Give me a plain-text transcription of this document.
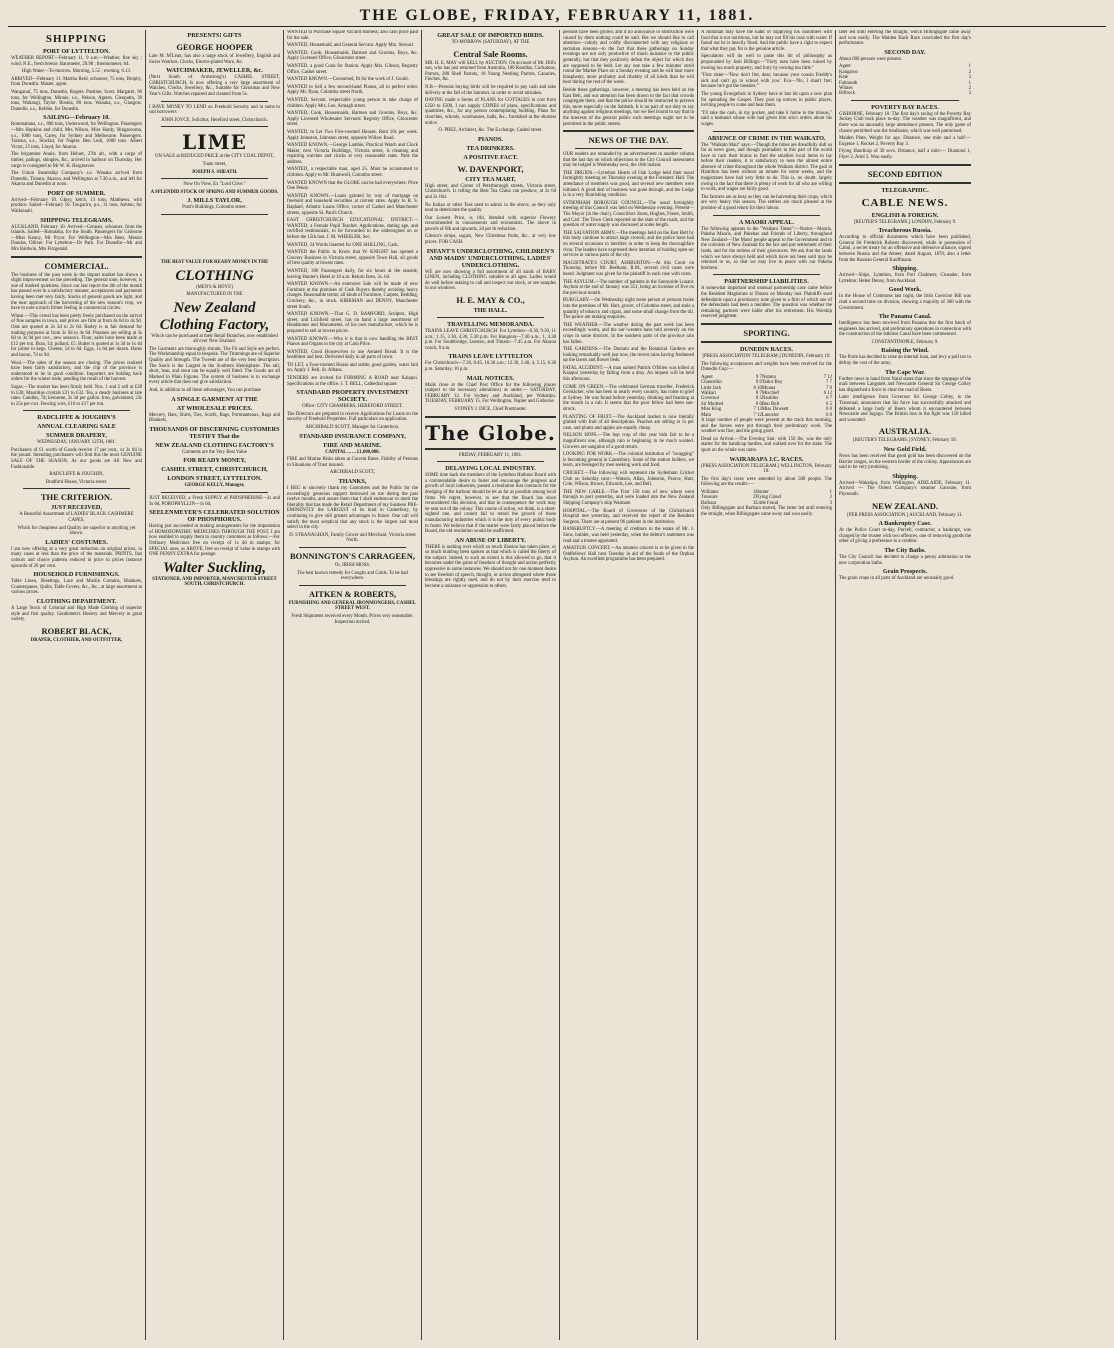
THE GLOBE, FRIDAY, FEBRUARY 11, 1881.
SHIPPING
PORT OF LYTTELTON.

WEATHER REPORT—February 11. 9 a.m.—Weather, fine sky ; wind, N.E., fresh breeze. Barometer, 29.98 ; thermometer, 64.

High Water—To-morrow. Morning, 5.55 ; evening, 6.13.

ARRIVED—February 11. Martha Reid, schooner, 75 tons, Brophy, from Dunedin. Master, agent.

Wanganui, 75 tons, Dunedin, Rogers. Pastime, Scott. Margaret, 96 tons, for Wellington. Minnie, s.s., Nelson. Agents. Cleopatra, 39 tons, Waitangi, Taylor. Rosina, 80 tons. Wanaka, s.s., Glasgow. Dunedin, s.s., Kebbie, for Dunedin.

SAILING—February 10.

Rotomahana, s.s., 800 tons, Underwood, for Wellington. Passengers—Mrs Hopkins and child, Mrs Wilson, Miss Hardy. Ringarooma, s.s., 1000 tons, Carey, for Sydney and Melbourne. Passengers. Tararua, s.s., Sinclair, for Napier. Ben Ledi, 1000 tons. Albert Victor, 25 tons, Lloyd, for Akaroa.

The brigantine Annie, from Hobart, 27th ult., with a cargo of timber, palings, shingles, &c., arrived in harbour on Thursday. Her cargo is consigned to Mr W. H. Hargreaves.

The Union Steamship Company's s.s. Wanaka arrived from Dunedin, Timaru, Akaroa, and Wellington at 7.30 a.m., and left for Akaroa and Dunedin at noon.

PORT OF SUMMER.

Arrived—February 10. Glpsy, ketch, 13 tons, Matthews, with produce. Sailed—February 10. Tongarirn, p.s., 31 tons, Ashton, for Waikouaiti.

SHIPPING TELEGRAMS.

AUCKLAND, February 10. Arrived—Cerasus, schooner, from the Islands. Sailed—Rimutaka, for the South. Passengers for Gisborne—Miss Kenny, Mr Pryor. For Wellington—Mrs Rees, Messrs Dundas, Olliver. For Lyttelton—Dr Park. For Dunedin—Mr and Mrs Baldwin, Mrs Fitzgerald.

COMMERCIAL.

The business of the past week in the import market has shown a slight improvement on the preceding. The general tone, however, is one of marked quietness. Since our last report the 4th of the month has passed over in a satisfactory manner, acceptances and payments having been met very fairly. Stocks of general goods are light, and the near approach of the harvesting of the new season's crop, we have to note a much firmer feeling in commercial circles.

Wheat.—This cereal has been pretty freely purchased on the arrival of fine samples in town, and prices are firm at from 4s 6d to 4s 9d. Oats are quoted at 2s 3d to 2s 6d. Barley is in fair demand for malting purposes at from 3s 9d to 4s 6d. Potatoes are selling at 3s 6d to 3s 9d per cwt., new season's. Flour, sales have been made at £12 per ton. Bran, £4; pollard, £5. Butter is quoted at 1s 3d to 1s 4d for prime in kegs. Cheese, 5d to 6d. Eggs, 1s 6d per dozen. Hams and bacon, 7d to 9d.

Wool.—The sales of the season are closing. The prices realised have been fairly satisfactory, and the clip of the province is understood to be in good condition. Importers are holding back orders for the winter trade, pending the result of the harvest.

Sugar.—The market has been firmly held. Nos. 1 and 2 sell at £28 to £30; Mauritius crystals £31 to £32. Tea, a steady business at late rates. Candles, 7d; kerosene, 2s 3d per gallon. Iron, galvanised, 23s to 25s per cwt. Fencing wire, £16 to £17 per ton.

RADCLIFFE & JOUGHIN'S
ANNUAL CLEARING SALE
SUMMER DRAPERY,

WEDNESDAY, JANUARY 12TH, 1881.

Purchasers of £1 worth of Goods receive 17 per cent., or 3s 6d in the pound. Intending purchasers will find this the most GENUINE SALE OF THE SEASON, As our goods are All New and Fashionable.

RADCLIFFE & JOUGHIN,

Bradford House, Victoria street.

THE CRITERION.
JUST RECEIVED,

A Beautiful Assortment of LADIES' BLACK CASHMERE CAPES,

Which for cheapness and Quality are superior to anything yet shown.

LADIES' COSTUMES.

I am now offering at a very great reduction on original prices, in many cases at less than the price of the materials. PRINTS, fast colours and choice patterns reduced in price to prices instance upwards of 20 per cent.

HOUSEHOLD FURNISHINGS.

Table Linen, Sheetings, Lace and Muslin Curtains, Blankets, Counterpanes, Quilts, Table Covers, &c., &c., at large assortment at various prices.

CLOTHING DEPARTMENT.

A Large Stock of Colonial and High Made Clothing of superior style and first quality. Gentlemen's Hosiery and Mercery in great variety.

ROBERT BLACK,

DRAPER, CLOTHIER, AND OUTFITTER,

PRESENTS! GIFTS
GEORGE HOOPER

Late M. M'Lean; has also a large stock of Jewellery, English and Swiss Watches, Clocks, Electro-plated Ware, &c.

WATCHMAKER, JEWELLER, &c.

(Next South of Armstrong's) CASHEL STREET, CHRISTCHURCH, Is now offering a very large assortment of Watches, Clocks, Jewellery, &c., Suitable for Christmas and New Year's Gifts. Watches repaired and cleaned from 5s.

I HAVE MONEY TO LEND on Freehold Security and in sums to suit borrowers

JOHN JOYCE, Solicitor, Hereford street, Christchurch.

LIME

ON SALE at REDUCED PRICE at the CITY COAL DEPOT,

Tuam street,

JOSEPH S. SHEATH.

Now On View, Ex "Lord Clive."

A SPLENDID STOCK OF SPRING AND SUMMER GOODS.

J. MILLS TAYLOR,

Pratt's Buildings, Colombo street.

THE BEST VALUE FOR READY MONEY IN THE

CLOTHING

(MEN'S & BOYS')

MANUFACTURED IN THE

New Zealand Clothing Factory,

Which can be purchased at their Retail Branches, now established all over New Zealand.

The Garments are thoroughly shrunk. The Fit and Style are perfect. The Workmanship equal to bespoke. The Trimmings are of Superior Quality and Strength. The Tweeds are of the very best description. The Stock is the Largest in the Southern Hemisphere. The tall, short, lean, and stout can be equally well fitted. The Goods are all Marked in Plain Figures. The system of business is to exchange every article that does not give satisfaction.

And, in addition to all these advantages, You can purchase

A SINGLE GARMENT AT THE
AT WHOLESALE PRICES.

Mercery, Hats, Shirts, Ties, Scarfs, Bags, Portmanteaux, Rugs and Blankets,

THOUSANDS OF DISCERNING CUSTOMERS TESTIFY That the
NEW ZEALAND CLOTHING FACTORY'S

Garments are the Very Best Value

FOR READY MONEY,
CASHEL STREET, CHRISTCHURCH,
LONDON STREET, LYTTELTON.

GEORGE KELLY, Manager,

JUST RECEIVED, a Fresh SUPPLY of PHOSPHERINE—2s and 3s 6d, POROPHYLLIN—1s 6d,

SEELENMEYER'S CELEBRATED SOLUTION OF PHOSPHORUS.

Having just succeeded in making arrangements for the importation of HOMOEOPATHIC MEDICINES THROUGH THE POST, I am now enabled to supply them to country customers as follows:—For Ordinary Medicines free on receipt of 1s 4d in stamps; for SPECIAL ones, as ABOVE, free on receipt of value in stamps with ONE PENNY EXTRA for postage.

Walter Suckling,

STATIONER, AND IMPORTER, MANCHESTER STREET SOUTH, CHRISTCHURCH.

WANTED to Purchase Square Vat and Harness; also cash price paid for the sale.

WANTED, Housemaid, and General Servant. Apply Mrs. Stewart.

WANTED, Cook; Housemaids, Barmen and Grooms, Boys, &c. Apply Licensed Office, Gloucester street.

WANTED, a good Cook for Station. Apply Mrs. Gibson, Registry Office, Cashel street.

WANTED KNOWN.—Consumed, fit for the work of J. Gould.

WANTED to Sell a few second-hand Pianos, all in perfect order. Apply Mr. Ryan, Colombo street North.

WANTED, Servant, respectable young person to take charge of children. Apply Mrs. Lee, Armagh street.

WANTED, Cook, Housemaids, Barmen and Grooms, Boys, &c. Apply Licensed Wholesaler Servants' Registry Office, Gloucester street.

WANTED, to Let Two Five-roomed Houses. Rent 10s per week. Apply Johnston, Johnston street, opposite Willow Road.

WANTED KNOWN.—George Lambie, Practical Watch and Clock Maker, next Victoria Buildings, Victoria street, is cleaning and repairing watches and clocks at very reasonable rates. Note the address.

WANTED, a respectable man, aged 25. Must be accustomed to children. Apply to Mr. Bramwell, Colombo street.

WANTED KNOWN that the GLOBE can be had everywhere. Price One Penny.

WANTED KNOWN.—Loans granted by way of mortgage on freehold and leasehold securities at current rates. Apply to R. S. Raphael, Atlantic Loans Office, corner of Cashel and Manchester streets, opposite St. Paul's Church.

EAST CHRISTCHURCH EDUCATIONAL DISTRICT.—WANTED, a Female Pupil Teacher. Applications, stating age, and certified testimonials, to be forwarded to the undersigned on or before the 15th inst. J. M. WHEELER, Sec.

WANTED, 24 Words inserted for ONE SHILLING, Cash.

WANTED the Public to Know that W. KNIGHT has opened a Grocery Business in Victoria street, opposite Town Hall, all goods of best quality at lowest rates.

WANTED, 300 Passengers daily, for six hours at the seaside, leaving Hunter's Hotel at 10 a.m. Return fares, 2s. 6d.

WANTED KNOWN.—An extensive Sale will be made of new Furniture at the premises of Cash Buyers thereby avoiding heavy charges. Reasonable terms; all kinds of Furniture, Carpets, Bedding, Crockery, &c., in stock. KIRKMAN and DENNY, Manchester street South.

WANTED KNOWN.—That G. D. BAMFORD, Sculptor, High street, and Lichfield street, has on hand a large assortment of Headstones and Monuments, of his own manufacture, which he is prepared to sell at lowest prices.

WANTED KNOWN.—Who it is that is now handling the BEST Pianos and Organs in the city at Cash Price.

WANTED, Good Housewives to use Aerated Bread. It is the healthiest and best. Delivered daily in all parts of town.

TO LET, a Four-roomed House and stable, good garden, water laid on. Apply J. Bell, St. Albans.

TENDERS are invited for FORMING A ROAD near Kaiapoi. Specifications at the office. J. T. BELL, Cathedral square.

STANDARD PROPERTY INVESTMENT SOCIETY.

Office: CITY CHAMBERS, HEREFORD STREET.

The Directors are prepared to receive Applications for Loans on the security of Freehold Properties. Full particulars on application.

ARCHIBALD SCOTT, Manager for Canterbury.

STANDARD INSURANCE COMPANY,
FIRE AND MARINE.

CAPITAL ... ... £1,000,000.

FIRE and Marine Risks taken at Current Rates. Fidelity of Persons in Situations of Trust insured.

ARCHIBALD SCOTT,

THANKS,

I BEG to sincerely thank my Customers and the Public for the exceedingly generous support bestowed on me during the past twelve months, and assure them that I shall endeavour to merit the liberality that has made the Retail Department of my business PRE-EMINENTLY the LARGEST of its kind in Canterbury, by continuing to give still greater advantages in future. One call will satisfy the most sceptical that any stock is the largest and most select in the city.

D. STRANAGHAN, Family Grocer and Merchant, Victoria street North.

BONNINGTON'S CARRAGEEN,

Or, IRISH MOSS.

The best known remedy for Coughs and Colds. To be had everywhere.

AITKEN & ROBERTS,

FURNISHING AND GENERAL IRONMONGERS, CASHEL STREET WEST.

Fresh Shipments received every Month. Prices very reasonable. Inspection invited.

GREAT SALE OF IMPORTED BIRDS.

TO-MORROW (SATURDAY), AT THE

Central Sale Rooms.

MR. H. E. MAY will SELL by AUCTION, On account of Mr. Hill's son, who has just returned from Australia, 100 Rosellas, Cockatoos, Parrots, 200 Shell Parrots, 18 Young Nestling Parrots, Canaries, Finches, &c.

N.B.—Persons buying birds will be required to pay cash and take delivery at the fall of the hammer, in order to avoid mistakes.

HAVING made a Series of PLANS for COTTAGES to cost from £250 to £500, I can supply COPIES of plans, specifications and quantities, &c., for any person contemplating building. Plans for churches, schools, warehouses, halls, &c., furnished at the shortest notice.

O. PREZ, Architect, &c. The Exchange, Cashel street.

PIANOS.
TEA DRINKERS.
A POSITIVE FACT.
W. DAVENPORT,
CITY TEA MART,

High street, and Corner of Peterborough streets, Victoria street, Christchurch. Is telling the Best Tea China can produce, at 2s 6d and 2s 10d.

No Indian or other Teas used to admix in the above, as they only tend to deteriorate the quality.

Our Lowest Price, is 10d, blended with superior Flowery recommended to connoisseurs and economists. The above in parcels of 6lb and upwards, 2d per lb reduction.

Gibson's sirops, sugars, New Christmas fruits, &c., at very low prices. FOR CASH.

INFANT'S UNDERCLOTHING, CHILDREN'S AND MAIDS' UNDERCLOTHING, LADIES' UNDERCLOTHING.

WE are now showing a full assortment of all kinds of BABY LINEN, including CLOTHING suitable to all ages. Ladies would do well before making to call and inspect our stock, or see samples in our windows.

H. E. MAY & CO.,
THE HALL.
TRAVELLING MEMORANDA.

TRAINS LEAVE CHRISTCHURCH. For Lyttelton—6.30, 9.30, 11 a.m.; 1.15, 3.30, 4.30, 5.30 p.m. For Rangiora—7.30 a.m., 1, 4.30 p.m. For Southbridge, Leeston, and Timaru—7.45 a.m. For Akaroa coach, 8 a.m.

TRAINS LEAVE LYTTELTON

For Christchurch—7.30, 8.45, 10.30 a.m.; 12.30, 2.40, 4, 5.15, 6.30 p.m. Saturday, 10 p.m.

MAIL NOTICES.

Mails close at the Chief Post Office for the following places (subject to the necessary alterations) as under:— SATURDAY, FEBRUARY 12. For Sydney and Auckland, per Wakatipu. TUESDAY, FEBRUARY 15. For Wellington, Napier and Gisborne.

SYDNEY J. DICE, Chief Postmaster.

The Globe.

FRIDAY, FEBRUARY 11, 1881.

DELAYING LOCAL INDUSTRY.

SOME time back the members of the Lyttelton Harbour Board with a commendable desire to foster and encourage the progress and growth of local industries, passed a resolution that contracts for the dredging of the harbour should be let as far as possible among local firms. We regret, however, to see that the Board has since reconsidered this decision, and that in consequence the work may be sent out of the colony. This course of action, we think, is a short-sighted one, and cannot fail to retard the growth of those manufacturing industries which it is the duty of every public body to foster. We believe that if the matter were fairly placed before the Board, the old resolution would be reaffirmed.

AN ABUSE OF LIBERTY.

THERE is nothing over which so much illusion has taken place, or so much humbug been spoken as that which is called the liberty of the subject. Indeed, to such an extent is this allowed to go, that it becomes under the guise of freedom of thought and action perfectly oppressive in some instances. We should not for one moment desire to see freedom of speech, thought, or action abrogated where those blessings are rightly used, and do not by their exercise tend to become a nuisance or oppression to others.

persons have been grilled, and if no annoyance or obstruction were caused by them nothing could be said. But we should like to call attention—calmly and coldly disconnected with any religious or sectarian reasons—to the fact that these gatherings on Sunday evenings are not only productive of much nuisance to the public generally, but that they positively defeat the object for which they are supposed to be held. Let any one take a few minutes' stroll round the Market Place on a Sunday evening and he will hear more blasphemy, more profanity and ribaldry of all kinds than he will hear during the rest of the week.

Beside these gatherings, however, a meeting has been held on the East Belt, and our attention has been drawn to the fact that crowds congregate there, and that the police should be instructed to prevent this, more especially on the Sabbath. It is no part of our duty to say anything against religious meetings, but we feel bound to say that in the interests of the general public such meetings ought not to be permitted in the public streets.

NEWS OF THE DAY.

OUR readers are reminded by an advertisement in another column that the last day on which objections to the City Council assessment may be lodged is Wednesday next, the 16th instant.

THE DRUIDS.—Lyttelton Hearts of Oak Lodge held their usual fortnightly meeting on Thursday evening at the Foresters' Hall. The attendance of members was good, and several new members were initiated. A good deal of business was gone through, and the Lodge is in a very flourishing condition.

SYDENHAM BOROUGH COUNCIL.—The usual fortnightly meeting of this Council was held on Wednesday evening. Present—The Mayor (in the chair), Councillors Jones, Hughes, Fraser, Smith, and Carl. The Town Clerk reported on the state of the roads, and the question of water supply was discussed at some length.

THE SALVATION ARMY.—The meetings held on the East Belt by this body continue to attract large crowds, and the police have had on several occasions to interfere in order to keep the thoroughfare clear. The leaders have expressed their intention of holding open-air services in various parts of the city.

MAGISTRATE'S COURT, ASHBURTON.—At this Court on Thursday, before Mr. Beetham, R.M., several civil cases were heard. Judgment was given for the plaintiff in each case with costs.

THE ASYLUM.—The number of patients in the Sunnyside Lunatic Asylum at the end of January was 351, being an increase of five on the previous month.

BURGLARY.—On Wednesday night some person or persons broke into the premises of Mr. Hart, grocer, of Colombo street, and stole a quantity of tobacco and cigars, and some small change from the till. The police are making enquiries.

THE WEATHER.—The weather during the past week has been exceedingly warm, and the nor'-westers have told severely on the crops in some districts. In the southern parts of the province rain has fallen.

THE GARDENS.—The Domain and the Botanical Gardens are looking remarkably well just now, the recent rains having freshened up the lawns and flower beds.

FATAL ACCIDENT.—A man named Patrick O'Brien was killed at Kaiapoi yesterday by falling from a dray. An inquest will be held this afternoon.

COME ON GREEN.—The celebrated German traveller, Frederick Gerstäcker, who has been to nearly every country, has come to grief at Sydney. He was found before yesterday, drinking and foaming at the mouth in a cab. It seems that the poor fellow had been sun-struck.

PLANTING OF FRUIT.—The Auckland market is now literally glutted with fruit of all descriptions. Peaches are selling at 1s per case, and plums and apples are equally cheap.

NELSON HOPS.—The hop crop of this year bids fair to be a magnificent one, although rain is beginning to be much wanted. Growers are sanguine of a good return.

LOOKING FOR WORK.—The colonial institution of "swagging" is becoming general in Canterbury. Some of the station holders, we learn, are besieged by men seeking work and food.

CRICKET.—The following will represent the Sydenham Cricket Club on Saturday next:—Watson, Allan, Johnston, Pearce, Hart, Cole, Wilson, Brown, Edwards, Lee, and Bell.

THE NEW CABLE.—The First 150 tons of new wheat went through to port yesterday, and were loaded into the New Zealand Shipping Company's ship Waimate.

HOSPITAL.—The Board of Governors of the Christchurch Hospital met yesterday, and received the report of the Resident Surgeon. There are at present 96 patients in the institution.

BANKRUPTCY.—A meeting of creditors in the estate of Mr. J. Sims, builder, was held yesterday, when the debtor's statement was read and a trustee appointed.

AMATEUR CONCERT.—An amateur concert is to be given in the Oddfellows' Hall next Tuesday in aid of the funds of the Orphan Asylum. An excellent programme has been prepared.

A milkman may have the habit of supplying his customers with food that is not nutritious, but he may not fill his cans with water. If found out he is heavily fined. And the public have a right to expect that what they pay for is the genuine article.

Speculators will do well to paste this bit of philosophy as propounded by Josh Billings:—"Forty men have been ruined by owning too much property; and forty by owning too little."

"First sister—'Now don't fret, dear; because your cousin Freddy's sick and can't go to school with you.' Eva—'No, I shan't fret; because he's got the measles.'"

The young Evangelists in Sydney have at last hit upon a new plan for spreading the Gospel. They post up notices in public places, inviting people to come and hear them.

"I'll take the cash, in my pocket, and take it home to the missus," said a husband whose wife had given him strict orders about his wages.

ABSENCE OF CRIME IN THE WAIKATO.

The "Waikato Mail" says:—Though the times are dreadfully dull so far as news goes, and though journalists in this part of the world have to rack their brains to find the smallest local items to lay before their readers, it is satisfactory to note the almost entire absence of crime throughout the whole Waikato district. The gaol at Hamilton has been without an inmate for some weeks, and the magistrates have had very little to do. This is, no doubt, largely owing to the fact that there is plenty of work for all who are willing to work, and wages are fairly good.

The farmers are as busy as they can be harvesting their crops, which are very heavy this season. The settlers are much pleased at the promise of a good return for their labour.

A MAORI APPEAL.

The following appears in the "Waikato Times":—Notice—Maoris, Pakeha Maoris, and Pakehas and Friends of Liberty, throughout New Zealand—The Maori people appeal to the Government and to the colonists of New Zealand for the fair and just settlement of their lands, and for the redress of their grievances. We ask that the lands which we have always held and which have not been sold may be returned to us, so that we may live in peace with our Pakeha brethren.

PARTNERSHIP LIABILITIES.

A somewhat important and unusual partnership case came before the Resident Magistrate at Timaru on Monday last. Plaintiffs sued defendants upon a promissory note given to a firm of which one of the defendants had been a member. The question was whether the remaining partners were liable after his retirement. His Worship reserved judgment.

SPORTING.
DUNEDIN RACES.

[PRESS ASSOCIATION TELEGRAM.] DUNEDIN, February 10.

The following acceptances and weights have been received for the Dunedin Cup:—

Agent	9 7	Natator	7 12
Chancellor	9 0	Tailor Boy	7 7
Little Jack	8 10	Moana	7 0
Waikari	8 7	Mischief	6 12
Governor	8 5	Nautilus	6 7
Sir Modred	8 0	Ben Bolt	6 5
Miss Kiug	7 13	Miss Dowsett	6 0
Mata	7 12	Lancelot	6 0

A large number of people were present at the track this morning, and the horses were put through their preliminary work. The weather was fine, and the going good.

Dead on Arrival.—The Evening Star, with 150 lbs, was the only starter for the handicap hurdles, and walked over for the stake. The sport on the whole was tame.

WAIRARAPA J.C. RACES.

[PRESS ASSOCIATION TELEGRAM.] WELLINGTON, February 10.

The first day's races were attended by about 500 people. The following are the results:—

Williams	1	Hunter	1
Treasure	2	Flying Cloud	2
Barbara	3	Little Fraud	3

Only Billingsgate and Barbara started, The latter led until entering the straight, when Billingsgate came away and won easily.

later led until entering the straight, which Billingsgate came away and won easily. The Maiden Hack Race concluded the first day's performance.

SECOND DAY.

About 600 persons were present.

Agent	1
Kangaroo	2
Kate	3
Falmouth	1
Whites	2
Riftrock	3
POVERTY BAY RACES.

GISBORNE, February 10. The first day's racing of the Poverty Bay Jockey Club took place to-day. The weather was magnificent, and there was an unusually large attendance present. The only game of chance permitted was the totalisator, which was well patronised.

Maiden Plate, Weight for age. Distance, one mile and a half:— Eugenie 1, Rocket 2, Poverty Bay 3.

Flying Handicap of 30 sovs. Distance, half a mile:— Diamond 1, Flyer 2, Ariel 3. Won easily.

SECOND EDITION
TELEGRAPHIC.
CABLE NEWS.
ENGLISH & FOREIGN.

[REUTER'S TELEGRAMS.] LONDON, February 9.

Treacherous Russia.

According to official documents which have been published, General Sir Frederick Roberts discovered, while in possession of Cabul, a secret treaty for an offensive and defensive alliance, signed between Russia and the Ameer, dated August, 1878, also a letter from the Russian General Kauffmann.

Shipping.

Arrived—Ships, Lyttelton, from Port Chalmers; Crusader, from Lyttelton; Helen Denny, from Auckland.

Good Work.

In the House of Commons last night, the Irish Coercion Bill was read a second time on division, showing a majority of 300 with the Government.

The Panama Canal.

Intelligence has been received from Panama that the first batch of engineers has arrived, and preliminary operations in connection with the construction of the Isthmus Canal have been commenced.

CONSTANTINOPLE, February 9.

Raising the Wind.

The Porte has decided to raise an internal loan, and levy a poll tax to defray the cost of the army.

The Cape War.

Further news to hand from Natal states that since the stoppage of the mail between Langsnek and Newcastle General Sir George Colley has dispatched a force to clear the road of Boers.

Later intelligence from Governor Sir George Colley, in the Transvaal, announces that his force has successfully attacked and defeated a large body of Boers whom it encountered between Newcastle and Ingogo. The British loss in the fight was 150 killed and wounded.

AUSTRALIA.

[REUTER'S TELEGRAMS.] SYDNEY, February 10.

New Gold Field.

News has been received that good gold has been discovered on the Barrier ranges, on the western border of the colony. Appearances are said to be very promising.

Shipping.

Arrived—Wakatipu, from Wellington. ADELAIDE, February 11. Arrived — The Orient Company's steamer Garonne, from Plymouth.

NEW ZEALAND.

[PER PRESS ASSOCIATION.] AUCKLAND, February 11.

A Bankruptcy Case.

At the Police Court to-day, Purcell, contractor, a bankrupt, was charged by the trustee with two offences, one of removing goods the other of giving a preference to a creditor.

The City Baths.

The City Council has decided to charge a penny admission to the new corporation baths.

Grain Prospects.

The grain crops in all parts of Auckland are unusually good.
